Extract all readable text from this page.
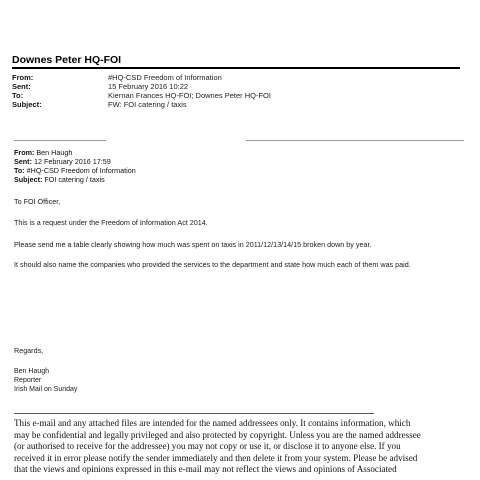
Downes Peter HQ-FOI
From:	#HQ-CSD Freedom of Information
Sent:	15 February 2016 10:22
To:	Kiernan Frances HQ-FOI; Downes Peter HQ-FOI
Subject:	FW: FOI catering / taxis
From: Ben Haugh
Sent: 12 February 2016 17:59
To: #HQ-CSD Freedom of Information
Subject: FOI catering / taxis
To FOI Officer,
This is a request under the Freedom of Information Act 2014.
Please send me a table clearly showing how much was spent on taxis in 2011/12/13/14/15 broken down by year.
It should also name the companies who provided the services to the department and state how much each of them was paid.
Regards,
Ben Haugh
Reporter
Irish Mail on Sunday
This e-mail and any attached files are intended for the named addressees only. It contains information, which
may be confidential and legally privileged and also protected by copyright. Unless you are the named addressee
(or authorised to receive for the addressee) you may not copy or use it, or disclose it to anyone else. If you
received it in error please notify the sender immediately and then delete it from your system. Please be advised
that the views and opinions expressed in this e-mail may not reflect the views and opinions of Associated
